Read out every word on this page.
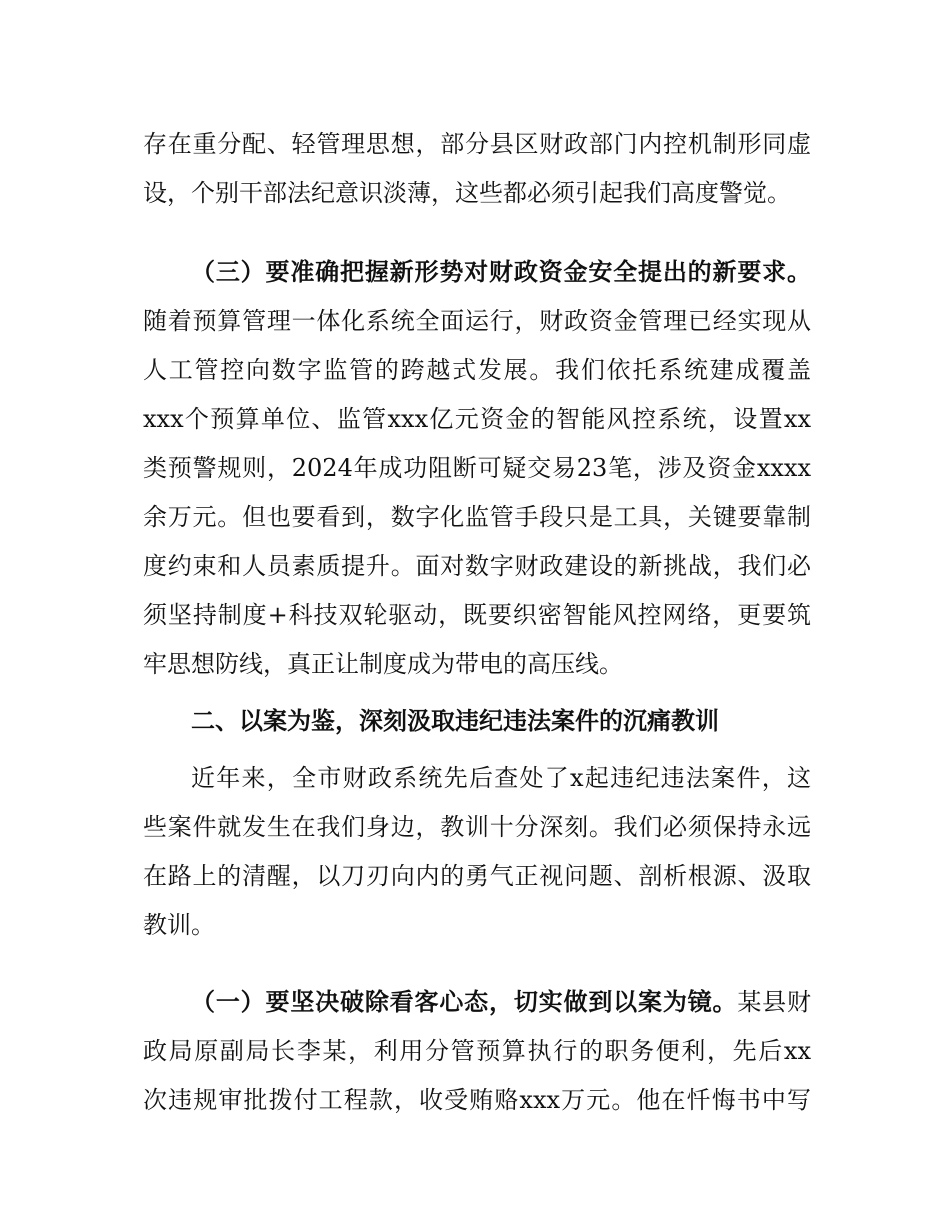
存在重分配、轻管理思想，部分县区财政部门内控机制形同虚
设，个别干部法纪意识淡薄，这些都必须引起我们高度警觉。
（三）要准确把握新形势对财政资金安全提出的新要求。
随着预算管理一体化系统全面运行，财政资金管理已经实现从
人工管控向数字监管的跨越式发展。我们依托系统建成覆盖
xxx个预算单位、监管xxx亿元资金的智能风控系统，设置xx
类预警规则，2024年成功阻断可疑交易23笔，涉及资金xxxx
余万元。但也要看到，数字化监管手段只是工具，关键要靠制
度约束和人员素质提升。面对数字财政建设的新挑战，我们必
须坚持制度+科技双轮驱动，既要织密智能风控网络，更要筑
牢思想防线，真正让制度成为带电的高压线。
二、以案为鉴，深刻汲取违纪违法案件的沉痛教训
近年来，全市财政系统先后查处了x起违纪违法案件，这
些案件就发生在我们身边，教训十分深刻。我们必须保持永远
在路上的清醒，以刀刃向内的勇气正视问题、剖析根源、汲取
教训。
（一）要坚决破除看客心态，切实做到以案为镜。某县财
政局原副局长李某，利用分管预算执行的职务便利，先后xx
次违规审批拨付工程款，收受贿赂xxx万元。他在忏悔书中写
